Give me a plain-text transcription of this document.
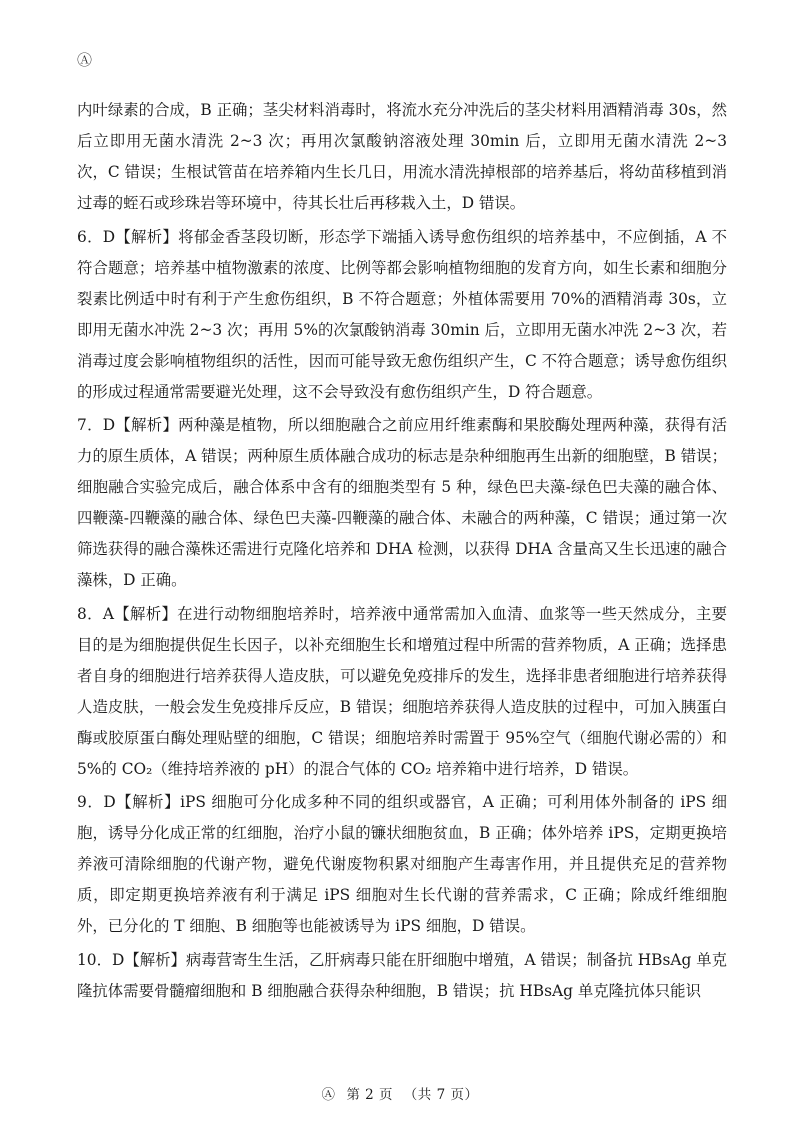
Ⓐ

内叶绿素的合成，B 正确；茎尖材料消毒时，将流水充分冲洗后的茎尖材料用酒精消毒 30s，然后立即用无菌水清洗 2~3 次；再用次氯酸钠溶液处理 30min 后，立即用无菌水清洗 2~3 次，C 错误；生根试管苗在培养箱内生长几日，用流水清洗掉根部的培养基后，将幼苗移植到消过毒的蛭石或珍珠岩等环境中，待其长壮后再移栽入土，D 错误。

6．D【解析】将郁金香茎段切断，形态学下端插入诱导愈伤组织的培养基中，不应倒插，A 不符合题意；培养基中植物激素的浓度、比例等都会影响植物细胞的发育方向，如生长素和细胞分裂素比例适中时有利于产生愈伤组织，B 不符合题意；外植体需要用 70%的酒精消毒 30s，立即用无菌水冲洗 2~3 次；再用 5%的次氯酸钠消毒 30min 后，立即用无菌水冲洗 2~3 次，若消毒过度会影响植物组织的活性，因而可能导致无愈伤组织产生，C 不符合题意；诱导愈伤组织的形成过程通常需要避光处理，这不会导致没有愈伤组织产生，D 符合题意。

7．D【解析】两种藻是植物，所以细胞融合之前应用纤维素酶和果胶酶处理两种藻，获得有活力的原生质体，A 错误；两种原生质体融合成功的标志是杂种细胞再生出新的细胞壁，B 错误；细胞融合实验完成后，融合体系中含有的细胞类型有 5 种，绿色巴夫藻-绿色巴夫藻的融合体、四鞭藻-四鞭藻的融合体、绿色巴夫藻-四鞭藻的融合体、未融合的两种藻，C 错误；通过第一次筛选获得的融合藻株还需进行克隆化培养和 DHA 检测，以获得 DHA 含量高又生长迅速的融合藻株，D 正确。

8．A【解析】在进行动物细胞培养时，培养液中通常需加入血清、血浆等一些天然成分，主要目的是为细胞提供促生长因子，以补充细胞生长和增殖过程中所需的营养物质，A 正确；选择患者自身的细胞进行培养获得人造皮肤，可以避免免疫排斥的发生，选择非患者细胞进行培养获得人造皮肤，一般会发生免疫排斥反应，B 错误；细胞培养获得人造皮肤的过程中，可加入胰蛋白酶或胶原蛋白酶处理贴壁的细胞，C 错误；细胞培养时需置于 95%空气（细胞代谢必需的）和 5%的 CO₂（维持培养液的 pH）的混合气体的 CO₂ 培养箱中进行培养，D 错误。

9．D【解析】iPS 细胞可分化成多种不同的组织或器官，A 正确；可利用体外制备的 iPS 细胞，诱导分化成正常的红细胞，治疗小鼠的镰状细胞贫血，B 正确；体外培养 iPS，定期更换培养液可清除细胞的代谢产物，避免代谢废物积累对细胞产生毒害作用，并且提供充足的营养物质，即定期更换培养液有利于满足 iPS 细胞对生长代谢的营养需求，C 正确；除成纤维细胞外，已分化的 T 细胞、B 细胞等也能被诱导为 iPS 细胞，D 错误。

10．D【解析】病毒营寄生生活，乙肝病毒只能在肝细胞中增殖，A 错误；制备抗 HBsAg 单克隆抗体需要骨髓瘤细胞和 B 细胞融合获得杂种细胞，B 错误；抗 HBsAg 单克隆抗体只能识

Ⓐ 第 2 页 （共 7 页）
